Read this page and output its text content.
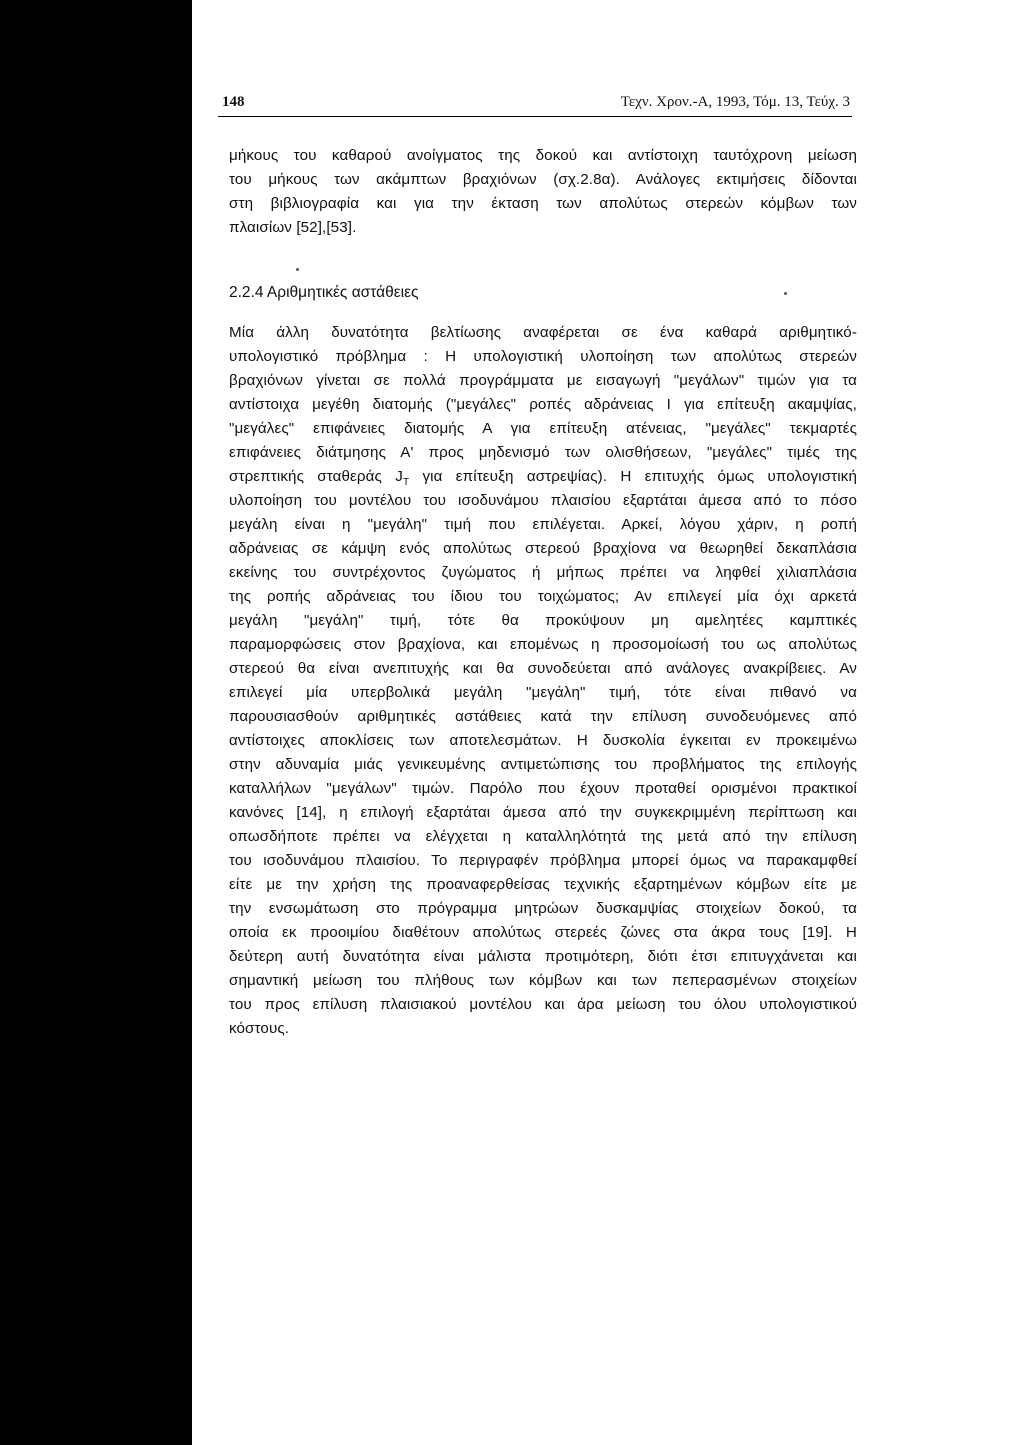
148	Τεχν. Χρον.-Α, 1993, Τόμ. 13, Τεύχ. 3
μήκους του καθαρού ανοίγματος της δοκού και αντίστοιχη ταυτόχρονη μείωση
του μήκους των ακάμπτων βραχιόνων (σχ.2.8α). Ανάλογες εκτιμήσεις δίδονται
στη βιβλιογραφία και για την έκταση των απολύτως στερεών κόμβων των
πλαισίων [52],[53].
2.2.4 Αριθμητικές αστάθειες
Μία άλλη δυνατότητα βελτίωσης αναφέρεται σε ένα καθαρά αριθμητικό-
υπολογιστικό πρόβλημα : Η υπολογιστική υλοποίηση των απολύτως στερεών
βραχιόνων γίνεται σε πολλά προγράμματα με εισαγωγή "μεγάλων" τιμών για τα
αντίστοιχα μεγέθη διατομής ("μεγάλες" ροπές αδράνειας I για επίτευξη ακαμψίας,
"μεγάλες" επιφάνειες διατομής Α για επίτευξη ατένειας, "μεγάλες" τεκμαρτές
επιφάνειες διάτμησης Α' προς μηδενισμό των ολισθήσεων, "μεγάλες" τιμές της
στρεπτικής σταθεράς $J_T$ για επίτευξη αστρεψίας). Η επιτυχής όμως υπολογιστική
υλοποίηση του μοντέλου του ισοδυνάμου πλαισίου εξαρτάται άμεσα από το πόσο
μεγάλη είναι η "μεγάλη" τιμή που επιλέγεται. Αρκεί, λόγου χάριν, η ροπή
αδράνειας σε κάμψη ενός απολύτως στερεού βραχίονα να θεωρηθεί δεκαπλάσια
εκείνης του συντρέχοντος ζυγώματος ή μήπως πρέπει να ληφθεί χιλιαπλάσια
της ροπής αδράνειας του ίδιου του τοιχώματος; Αν επιλεγεί μία όχι αρκετά
μεγάλη "μεγάλη" τιμή, τότε θα προκύψουν μη αμελητέες καμπτικές
παραμορφώσεις στον βραχίονα, και επομένως η προσομοίωσή του ως απολύτως
στερεού θα είναι ανεπιτυχής και θα συνοδεύεται από ανάλογες ανακρίβειες. Αν
επιλεγεί μία υπερβολικά μεγάλη "μεγάλη" τιμή, τότε είναι πιθανό να
παρουσιασθούν αριθμητικές αστάθειες κατά την επίλυση συνοδευόμενες από
αντίστοιχες αποκλίσεις των αποτελεσμάτων. Η δυσκολία έγκειται εν προκειμένω
στην αδυναμία μιάς γενικευμένης αντιμετώπισης του προβλήματος της επιλογής
καταλλήλων "μεγάλων" τιμών. Παρόλο που έχουν προταθεί ορισμένοι πρακτικοί
κανόνες [14], η επιλογή εξαρτάται άμεσα από την συγκεκριμμένη περίπτωση και
οπωσδήποτε πρέπει να ελέγχεται η καταλληλότητά της μετά από την επίλυση
του ισοδυνάμου πλαισίου. Το περιγραφέν πρόβλημα μπορεί όμως να παρακαμφθεί
είτε με την χρήση της προαναφερθείσας τεχνικής εξαρτημένων κόμβων είτε με
την ενσωμάτωση στο πρόγραμμα μητρώων δυσκαμψίας στοιχείων δοκού, τα
οποία εκ προοιμίου διαθέτουν απολύτως στερεές ζώνες στα άκρα τους [19]. Η
δεύτερη αυτή δυνατότητα είναι μάλιστα προτιμότερη, διότι έτσι επιτυγχάνεται και
σημαντική μείωση του πλήθους των κόμβων και των πεπερασμένων στοιχείων
του προς επίλυση πλαισιακού μοντέλου και άρα μείωση του όλου υπολογιστικού
κόστους.
